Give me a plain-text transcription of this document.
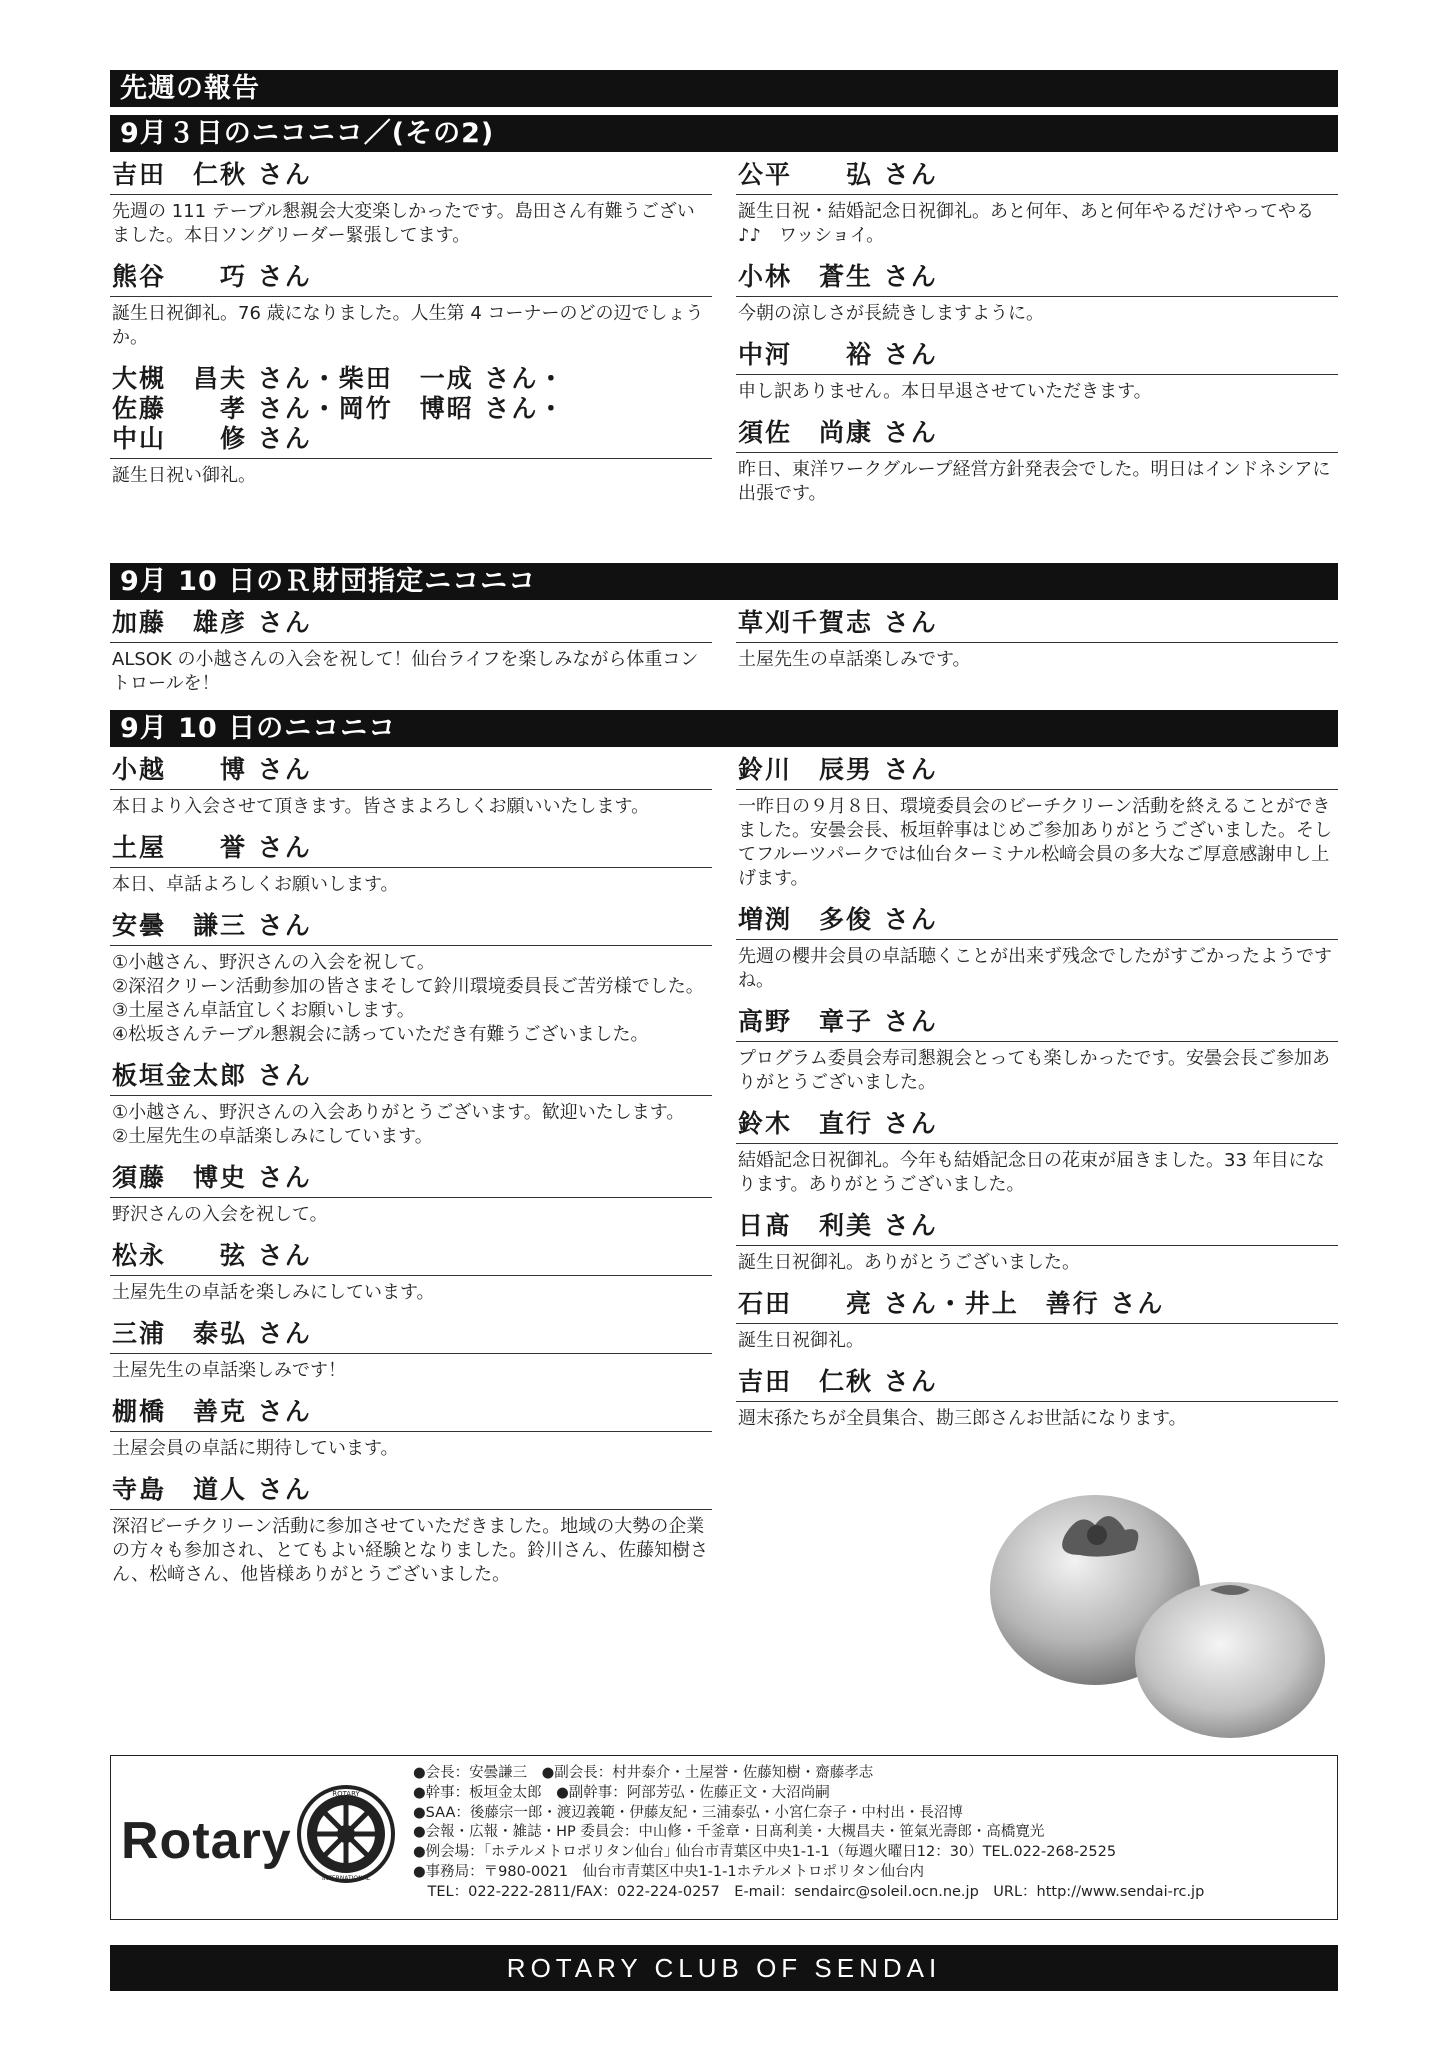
先週の報告
9月３日のニコニコ／(その2)
吉田　仁秋 さん
先週の 111 テーブル懇親会大変楽しかったです。島田さん有難うございました。本日ソングリーダー緊張してます。
熊谷　　巧 さん
誕生日祝御礼。76 歳になりました。人生第 4 コーナーのどの辺でしょうか。
大槻　昌夫 さん・柴田　一成 さん・
佐藤　　孝 さん・岡竹　博昭 さん・
中山　　修 さん
誕生日祝い御礼。
公平　　弘 さん
誕生日祝・結婚記念日祝御礼。あと何年、あと何年やるだけやってやる♪♪　ワッショイ。
小林　蒼生 さん
今朝の涼しさが長続きしますように。
中河　　裕 さん
申し訳ありません。本日早退させていただきます。
須佐　尚康 さん
昨日、東洋ワークグループ経営方針発表会でした。明日はインドネシアに出張です。
9月 10 日のＲ財団指定ニコニコ
加藤　雄彦 さん
ALSOK の小越さんの入会を祝して！仙台ライフを楽しみながら体重コントロールを！
草刈千賀志 さん
土屋先生の卓話楽しみです。
9月 10 日のニコニコ
小越　　博 さん
本日より入会させて頂きます。皆さまよろしくお願いいたします。
土屋　　誉 さん
本日、卓話よろしくお願いします。
安曇　謙三 さん
①小越さん、野沢さんの入会を祝して。
②深沼クリーン活動参加の皆さまそして鈴川環境委員長ご苦労様でした。
③土屋さん卓話宜しくお願いします。
④松坂さんテーブル懇親会に誘っていただき有難うございました。
板垣金太郎 さん
①小越さん、野沢さんの入会ありがとうございます。歓迎いたします。
②土屋先生の卓話楽しみにしています。
須藤　博史 さん
野沢さんの入会を祝して。
松永　　弦 さん
土屋先生の卓話を楽しみにしています。
三浦　泰弘 さん
土屋先生の卓話楽しみです！
棚橋　善克 さん
土屋会員の卓話に期待しています。
寺島　道人 さん
深沼ビーチクリーン活動に参加させていただきました。地域の大勢の企業の方々も参加され、とてもよい経験となりました。鈴川さん、佐藤知樹さん、松﨑さん、他皆様ありがとうございました。
鈴川　辰男 さん
一昨日の９月８日、環境委員会のビーチクリーン活動を終えることができました。安曇会長、板垣幹事はじめご参加ありがとうございました。そしてフルーツパークでは仙台ターミナル松﨑会員の多大なご厚意感謝申し上げます。
増渕　多俊 さん
先週の櫻井会員の卓話聴くことが出来ず残念でしたがすごかったようですね。
高野　章子 さん
プログラム委員会寿司懇親会とっても楽しかったです。安曇会長ご参加ありがとうございました。
鈴木　直行 さん
結婚記念日祝御礼。今年も結婚記念日の花束が届きました。33 年目になります。ありがとうございました。
日髙　利美 さん
誕生日祝御礼。ありがとうございました。
石田　　亮 さん・井上　善行 さん
誕生日祝御礼。
吉田　仁秋 さん
週末孫たちが全員集合、勘三郎さんお世話になります。
Rotary
ROTARY
INTERNATIONAL
●会長：安曇謙三　●副会長：村井泰介・土屋誉・佐藤知樹・齋藤孝志
●幹事：板垣金太郎　●副幹事：阿部芳弘・佐藤正文・大沼尚嗣
●SAA：後藤宗一郎・渡辺義範・伊藤友紀・三浦泰弘・小宮仁奈子・中村出・長沼博
●会報・広報・雑誌・HP 委員会：中山修・千釜章・日髙利美・大槻昌夫・笹氣光壽郎・高橋寛光
●例会場：｢ホテルメトロポリタン仙台｣ 仙台市青葉区中央1-1-1（毎週火曜日12：30）TEL.022-268-2525
●事務局：〒980-0021　仙台市青葉区中央1-1-1ホテルメトロポリタン仙台内
　TEL：022-222-2811/FAX：022-224-0257　E-mail：sendairc@soleil.ocn.ne.jp　URL：http://www.sendai-rc.jp
ROTARY CLUB OF SENDAI
